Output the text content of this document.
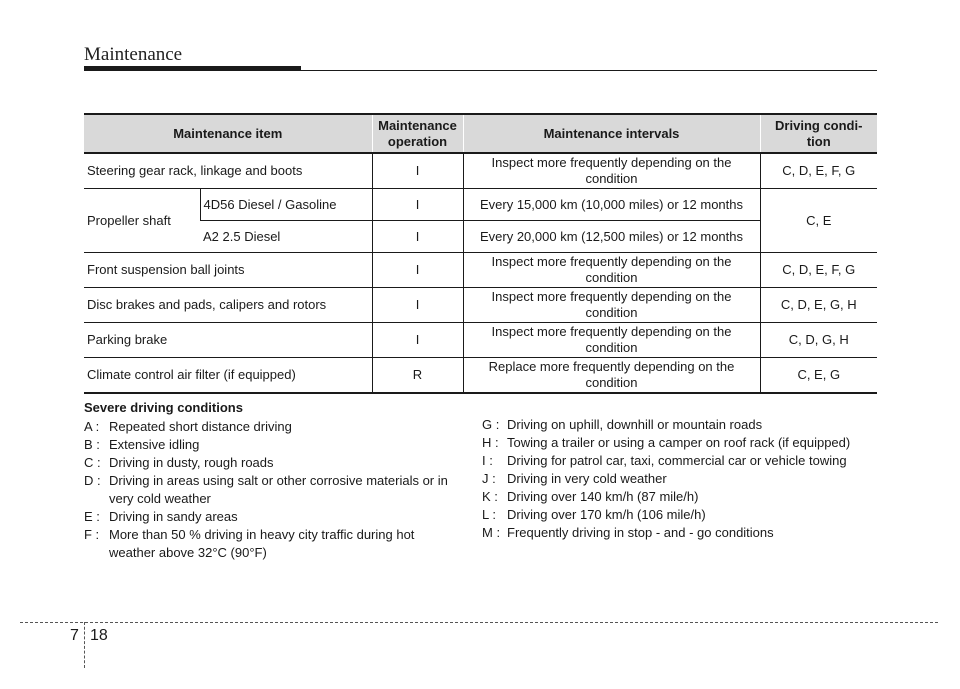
Maintenance
Maintenance item		Maintenance operation	Maintenance intervals	Driving condi- tion
Steering gear rack, linkage and boots		I	Inspect more frequently depending on the condition	C, D, E, F, G
Propeller shaft	4D56 Diesel / Gasoline	I	Every 15,000 km (10,000 miles) or 12 months	C, E
	A2 2.5 Diesel	I	Every 20,000 km (12,500 miles) or 12 months	
Front suspension ball joints		I	Inspect more frequently depending on the condition	C, D, E, F, G
Disc brakes and pads, calipers and rotors		I	Inspect more frequently depending on the condition	C, D, E, G, H
Parking brake		I	Inspect more frequently depending on the condition	C, D, G, H
Climate control air filter (if equipped)		R	Replace more frequently depending on the condition	C, E, G
Severe driving conditions
A : Repeated short distance driving
B : Extensive idling
C : Driving in dusty, rough roads
D : Driving in areas using salt or other corrosive materials or in very cold weather
E : Driving in sandy areas
F : More than 50 % driving in heavy city traffic during hot weather above 32°C (90°F)
G : Driving on uphill, downhill or mountain roads
H : Towing a trailer or using a camper on roof rack (if equipped)
I :	Driving for patrol car, taxi, commercial car or vehicle towing
J : Driving in very cold weather
K : Driving over 140 km/h (87 mile/h)
L : Driving over 170 km/h (106 mile/h)
M : Frequently driving in stop - and - go conditions
7 18
